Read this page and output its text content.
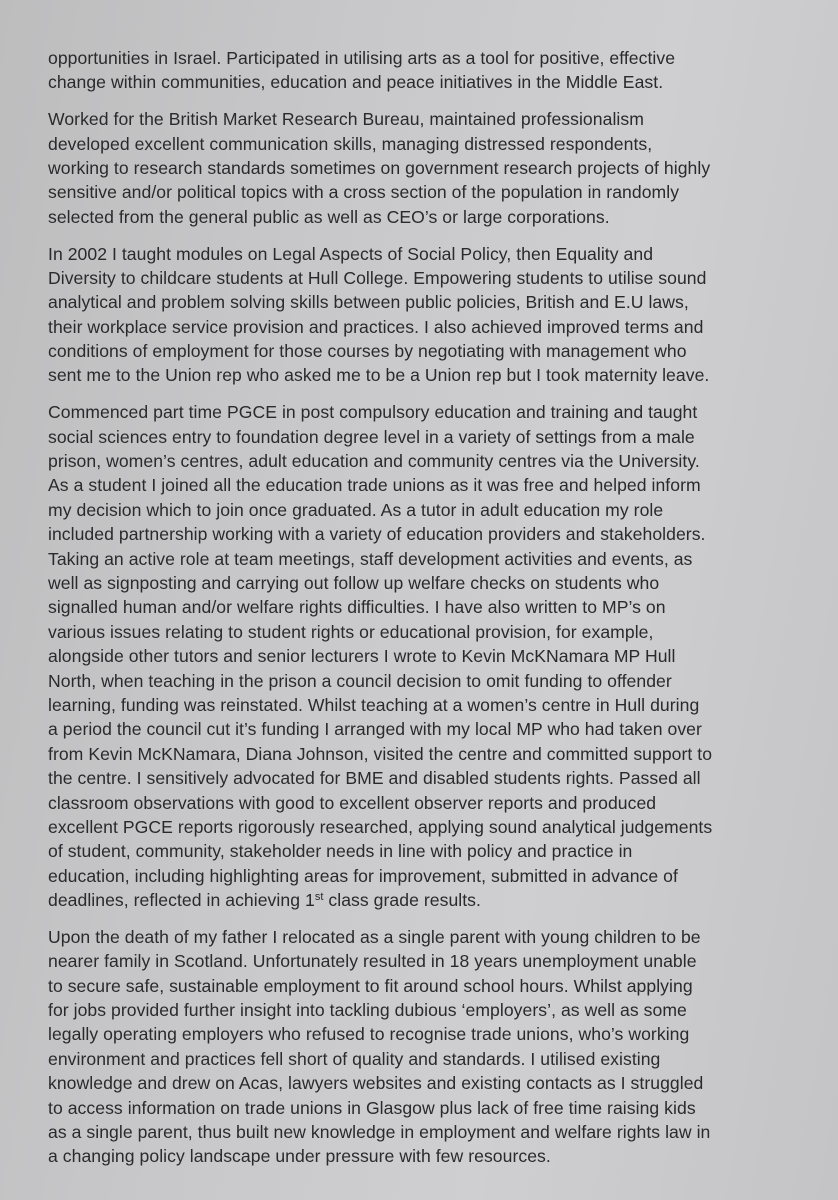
opportunities in Israel. Participated in utilising arts as a tool for positive, effective
change within communities, education and peace initiatives in the Middle East.

Worked for the British Market Research Bureau, maintained professionalism
developed excellent communication skills, managing distressed respondents,
working to research standards sometimes on government research projects of highly
sensitive and/or political topics with a cross section of the population in randomly
selected from the general public as well as CEO’s or large corporations.

In 2002 I taught modules on Legal Aspects of Social Policy, then Equality and
Diversity to childcare students at Hull College. Empowering students to utilise sound
analytical and problem solving skills between public policies, British and E.U laws,
their workplace service provision and practices. I also achieved improved terms and
conditions of employment for those courses by negotiating with management who
sent me to the Union rep who asked me to be a Union rep but I took maternity leave.

Commenced part time PGCE in post compulsory education and training and taught
social sciences entry to foundation degree level in a variety of settings from a male
prison, women’s centres, adult education and community centres via the University.
As a student I joined all the education trade unions as it was free and helped inform
my decision which to join once graduated. As a tutor in adult education my role
included partnership working with a variety of education providers and stakeholders.
Taking an active role at team meetings, staff development activities and events, as
well as signposting and carrying out follow up welfare checks on students who
signalled human and/or welfare rights difficulties. I have also written to MP’s on
various issues relating to student rights or educational provision, for example,
alongside other tutors and senior lecturers I wrote to Kevin McKNamara MP Hull
North, when teaching in the prison a council decision to omit funding to offender
learning, funding was reinstated. Whilst teaching at a women’s centre in Hull during
a period the council cut it’s funding I arranged with my local MP who had taken over
from Kevin McKNamara, Diana Johnson, visited the centre and committed support to
the centre. I sensitively advocated for BME and disabled students rights. Passed all
classroom observations with good to excellent observer reports and produced
excellent PGCE reports rigorously researched, applying sound analytical judgements
of student, community, stakeholder needs in line with policy and practice in
education, including highlighting areas for improvement, submitted in advance of
deadlines, reflected in achieving 1st class grade results.

Upon the death of my father I relocated as a single parent with young children to be
nearer family in Scotland. Unfortunately resulted in 18 years unemployment unable
to secure safe, sustainable employment to fit around school hours. Whilst applying
for jobs provided further insight into tackling dubious ‘employers’, as well as some
legally operating employers who refused to recognise trade unions, who’s working
environment and practices fell short of quality and standards. I utilised existing
knowledge and drew on Acas, lawyers websites and existing contacts as I struggled
to access information on trade unions in Glasgow plus lack of free time raising kids
as a single parent, thus built new knowledge in employment and welfare rights law in
a changing policy landscape under pressure with few resources.
